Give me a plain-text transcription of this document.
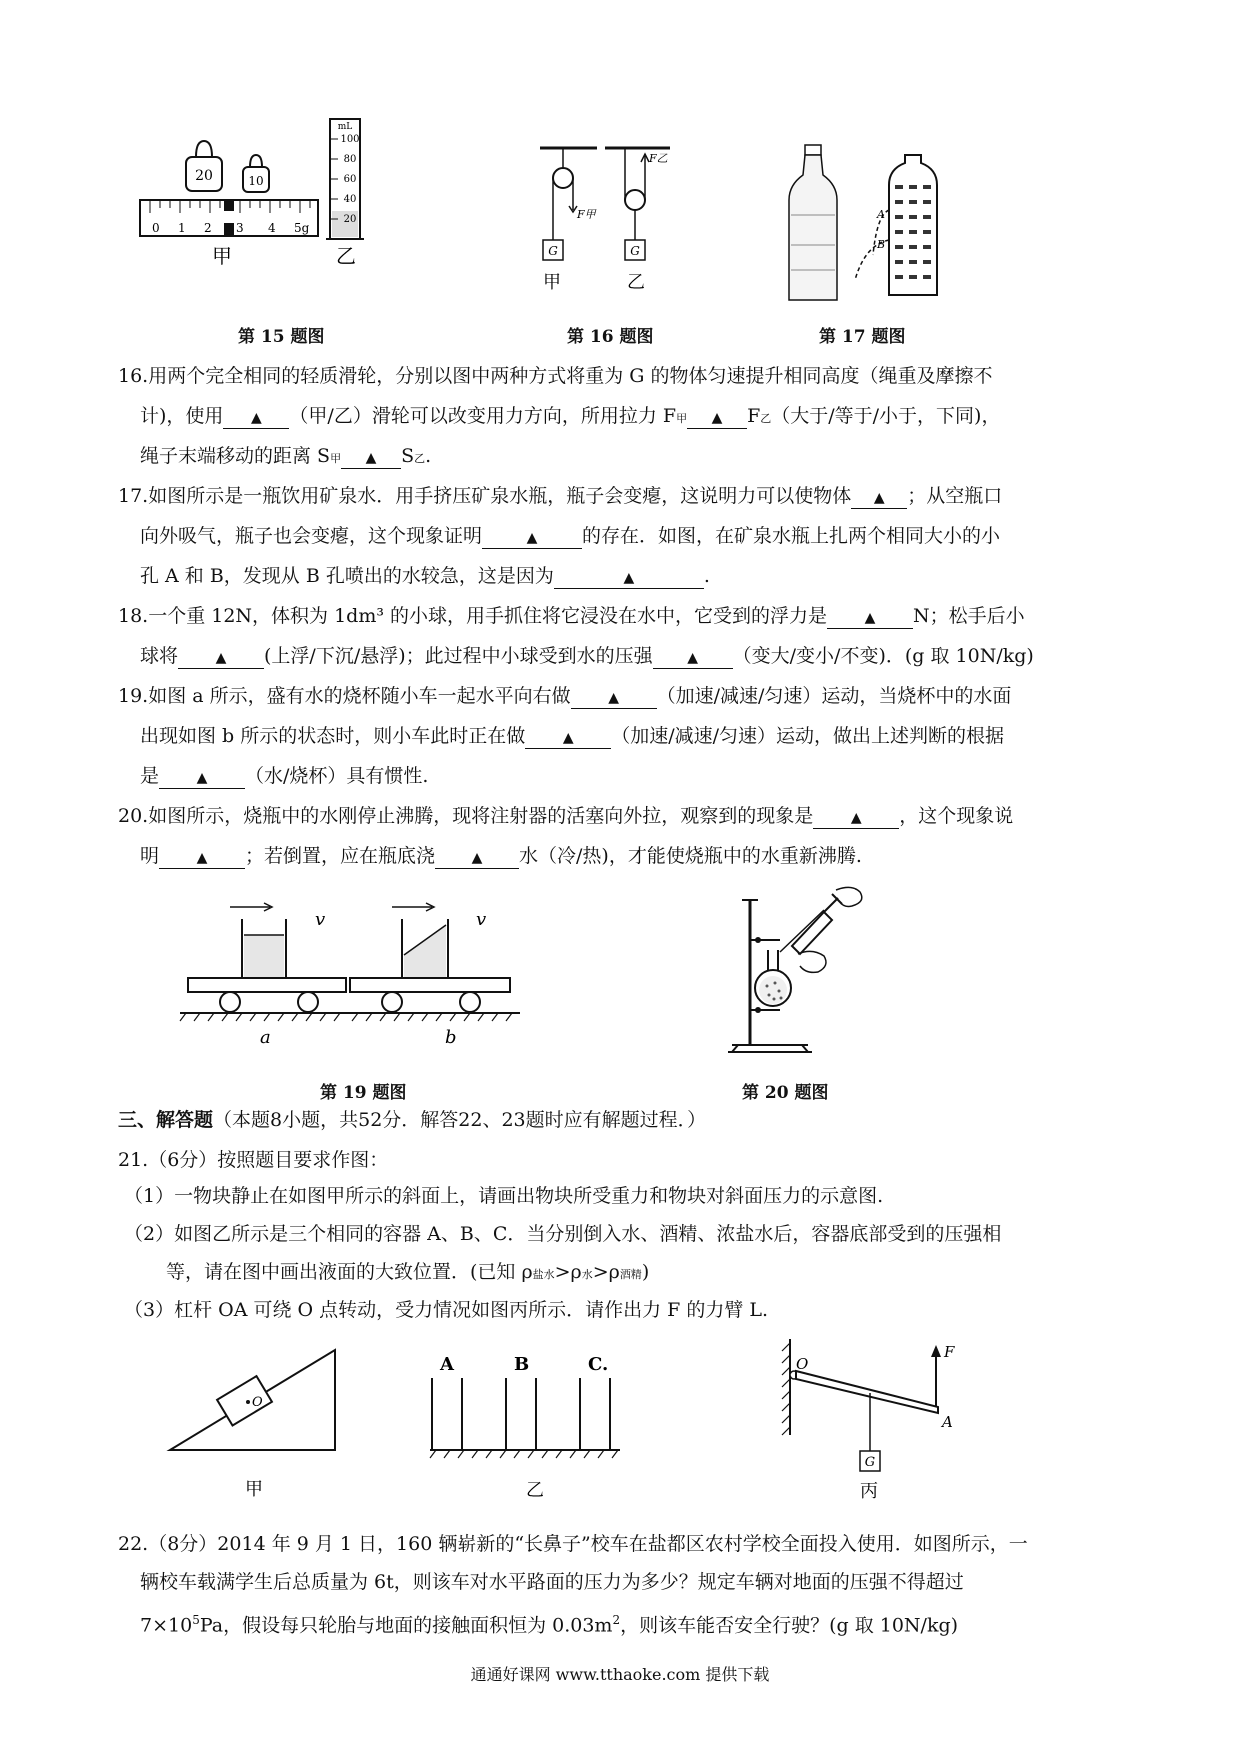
20	10
0 1 2 3 4 5g
甲
mL
100
80
60
40
20
乙
第 15 题图
F甲
G
F乙
G
甲	乙
第 16 题图
A
B
第 17 题图
16.用两个完全相同的轻质滑轮，分别以图中两种方式将重为 G 的物体匀速提升相同高度（绳重及摩擦不
计)，使用 ▲ （甲/乙）滑轮可以改变用力方向，所用拉力 F甲 ▲ F乙（大于/等于/小于，下同)，
绳子末端移动的距离 S甲 ▲ S乙.
17.如图所示是一瓶饮用矿泉水．用手挤压矿泉水瓶，瓶子会变瘪，这说明力可以使物体 ▲ ；从空瓶口
向外吸气，瓶子也会变瘪，这个现象证明	▲ 的存在．如图，在矿泉水瓶上扎两个相同大小的小
孔 A 和 B，发现从 B 孔喷出的水较急，这是因为	▲	.
18.一个重 12N，体积为 1dm³ 的小球，用手抓住将它浸没在水中，它受到的浮力是	▲ N；松手后小
球将	▲ (上浮/下沉/悬浮)；此过程中小球受到水的压强 ▲ （变大/变小/不变)．(g 取 10N/kg)
19.如图 a 所示，盛有水的烧杯随小车一起水平向右做	▲ （加速/减速/匀速）运动，当烧杯中的水面
出现如图 b 所示的状态时，则小车此时正在做	▲ （加速/减速/匀速）运动，做出上述判断的根据
是	▲ （水/烧杯）具有惯性.
20.如图所示，烧瓶中的水刚停止沸腾，现将注射器的活塞向外拉，观察到的现象是	▲ ，这个现象说
明	▲ ；若倒置，应在瓶底浇	▲ 水（冷/热)，才能使烧瓶中的水重新沸腾.
v	v
a	b
第 19 题图	第 20 题图
三、解答题（本题8小题，共52分．解答22、23题时应有解题过程．）
21.（6分）按照题目要求作图：
（1）一物块静止在如图甲所示的斜面上，请画出物块所受重力和物块对斜面压力的示意图.
（2）如图乙所示是三个相同的容器 A、B、C．当分别倒入水、酒精、浓盐水后，容器底部受到的压强相
等，请在图中画出液面的大致位置．(已知 ρ盐水>ρ水>ρ酒精)
（3）杠杆 OA 可绕 O 点转动，受力情况如图丙所示．请作出力 F 的力臂 L.
O
甲
A	B	C.
乙
F
A
O
G
丙
22.（8分）2014 年 9 月 1 日，160 辆崭新的“长鼻子”校车在盐都区农村学校全面投入使用．如图所示，一
辆校车载满学生后总质量为 6t，则该车对水平路面的压力为多少？规定车辆对地面的压强不得超过
$7\times 10^5Pa$，假设每只轮胎与地面的接触面积恒为 $0.03m^2$，则该车能否安全行驶？(g 取 10N/kg)
通通好课网 www.tthaoke.com 提供下载
